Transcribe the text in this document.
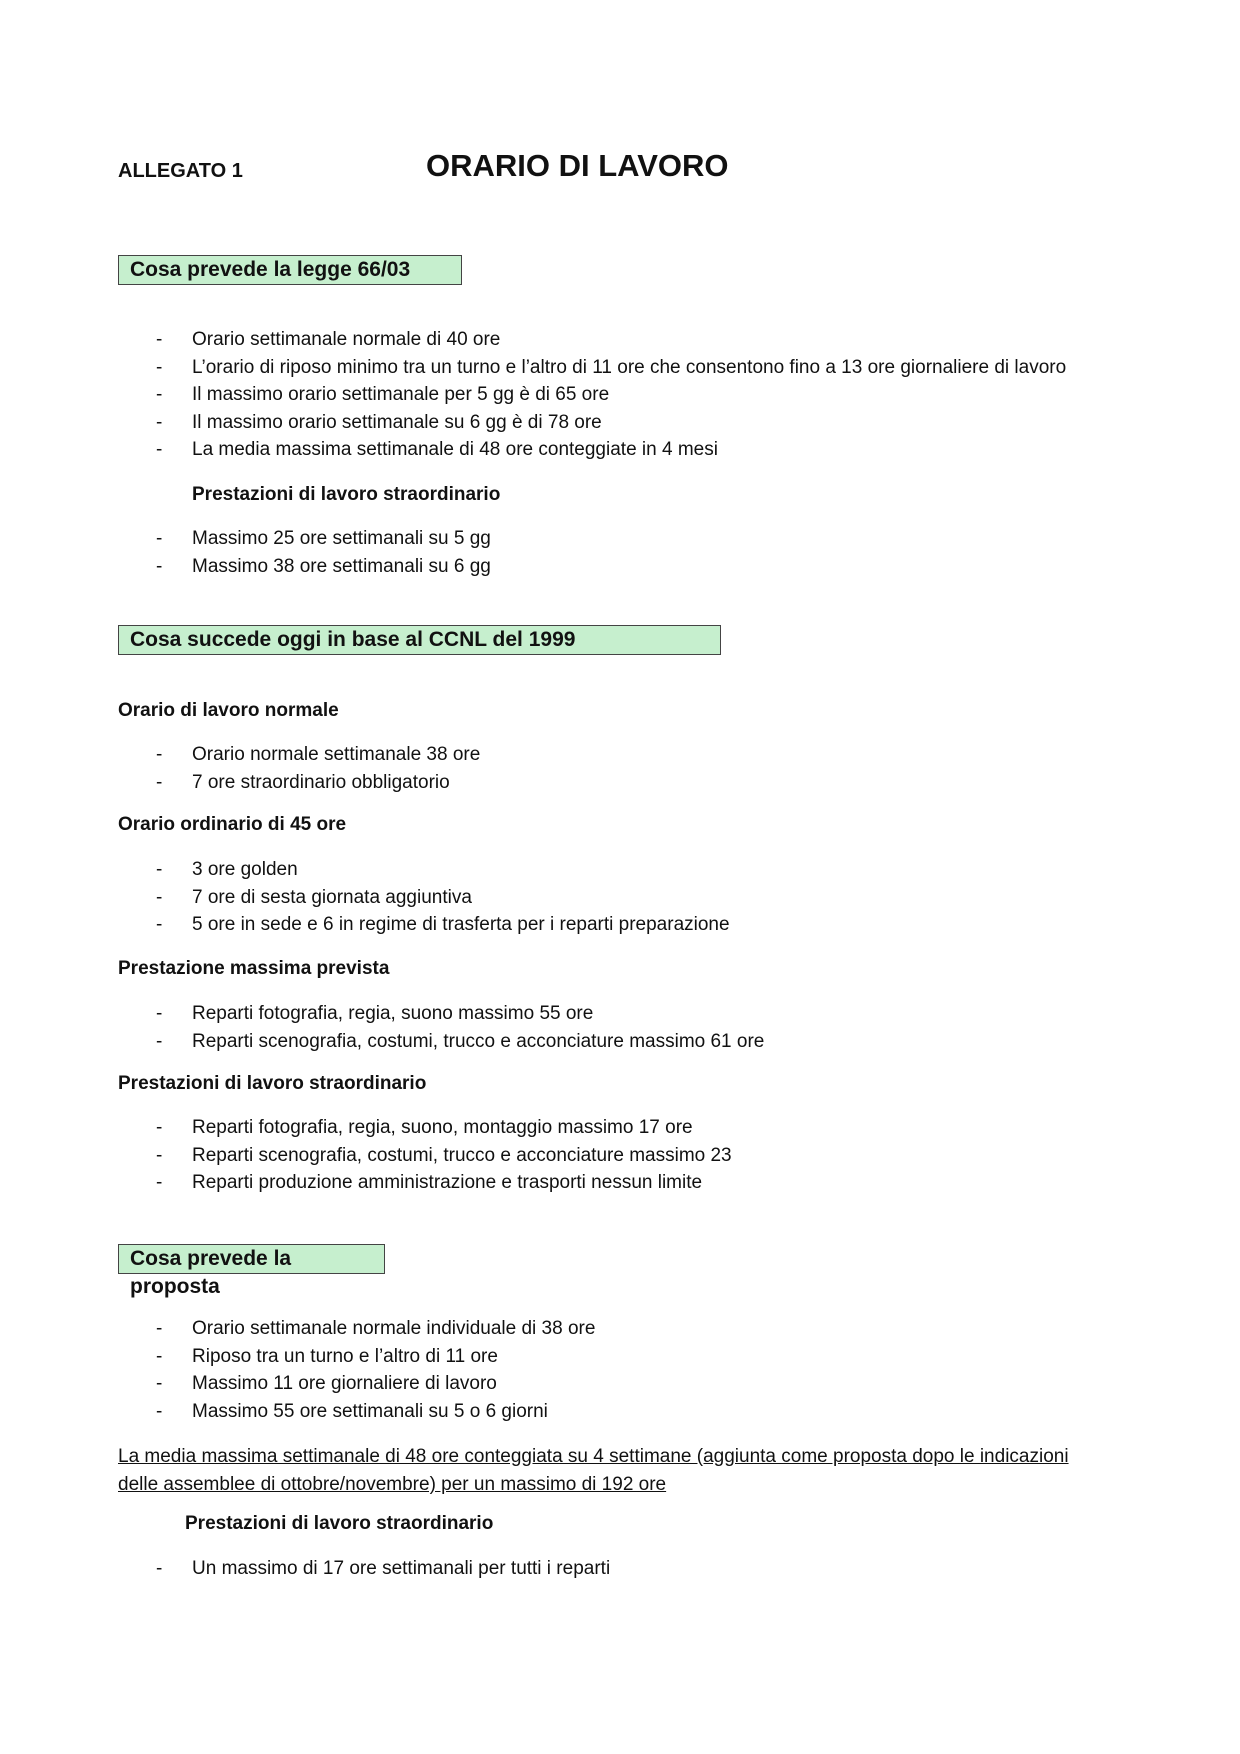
ALLEGATO 1	ORARIO DI LAVORO
Cosa prevede la legge 66/03
- Orario settimanale normale di 40 ore
- L’orario di riposo minimo tra un turno e l’altro di 11 ore che consentono fino a 13 ore giornaliere di lavoro
- Il massimo orario settimanale per 5 gg è di 65 ore
- Il massimo orario settimanale su 6 gg è di 78 ore
- La media massima settimanale di 48 ore conteggiate in 4 mesi
Prestazioni di lavoro straordinario
- Massimo 25 ore settimanali su 5 gg
- Massimo 38 ore settimanali su 6 gg
Cosa succede oggi in base al CCNL del 1999
Orario di lavoro normale
- Orario normale settimanale 38 ore
- 7 ore straordinario obbligatorio
Orario ordinario di 45 ore
- 3 ore golden
- 7 ore di sesta giornata aggiuntiva
- 5 ore in sede e 6 in regime di trasferta per i reparti preparazione
Prestazione massima prevista
- Reparti fotografia, regia, suono massimo 55 ore
- Reparti scenografia, costumi, trucco e acconciature massimo 61 ore
Prestazioni di lavoro straordinario
- Reparti fotografia, regia, suono, montaggio massimo 17 ore
- Reparti scenografia, costumi, trucco e acconciature massimo 23
- Reparti produzione amministrazione e trasporti nessun limite
Cosa prevede la proposta
- Orario settimanale normale individuale di 38 ore
- Riposo tra un turno e l’altro di 11 ore
- Massimo 11 ore giornaliere di lavoro
- Massimo 55 ore settimanali su 5 o 6 giorni
La media massima settimanale di 48 ore conteggiata su 4 settimane (aggiunta come proposta dopo le indicazioni delle assemblee di ottobre/novembre) per un massimo di 192 ore
Prestazioni di lavoro straordinario
- Un massimo di 17 ore settimanali per tutti i reparti
